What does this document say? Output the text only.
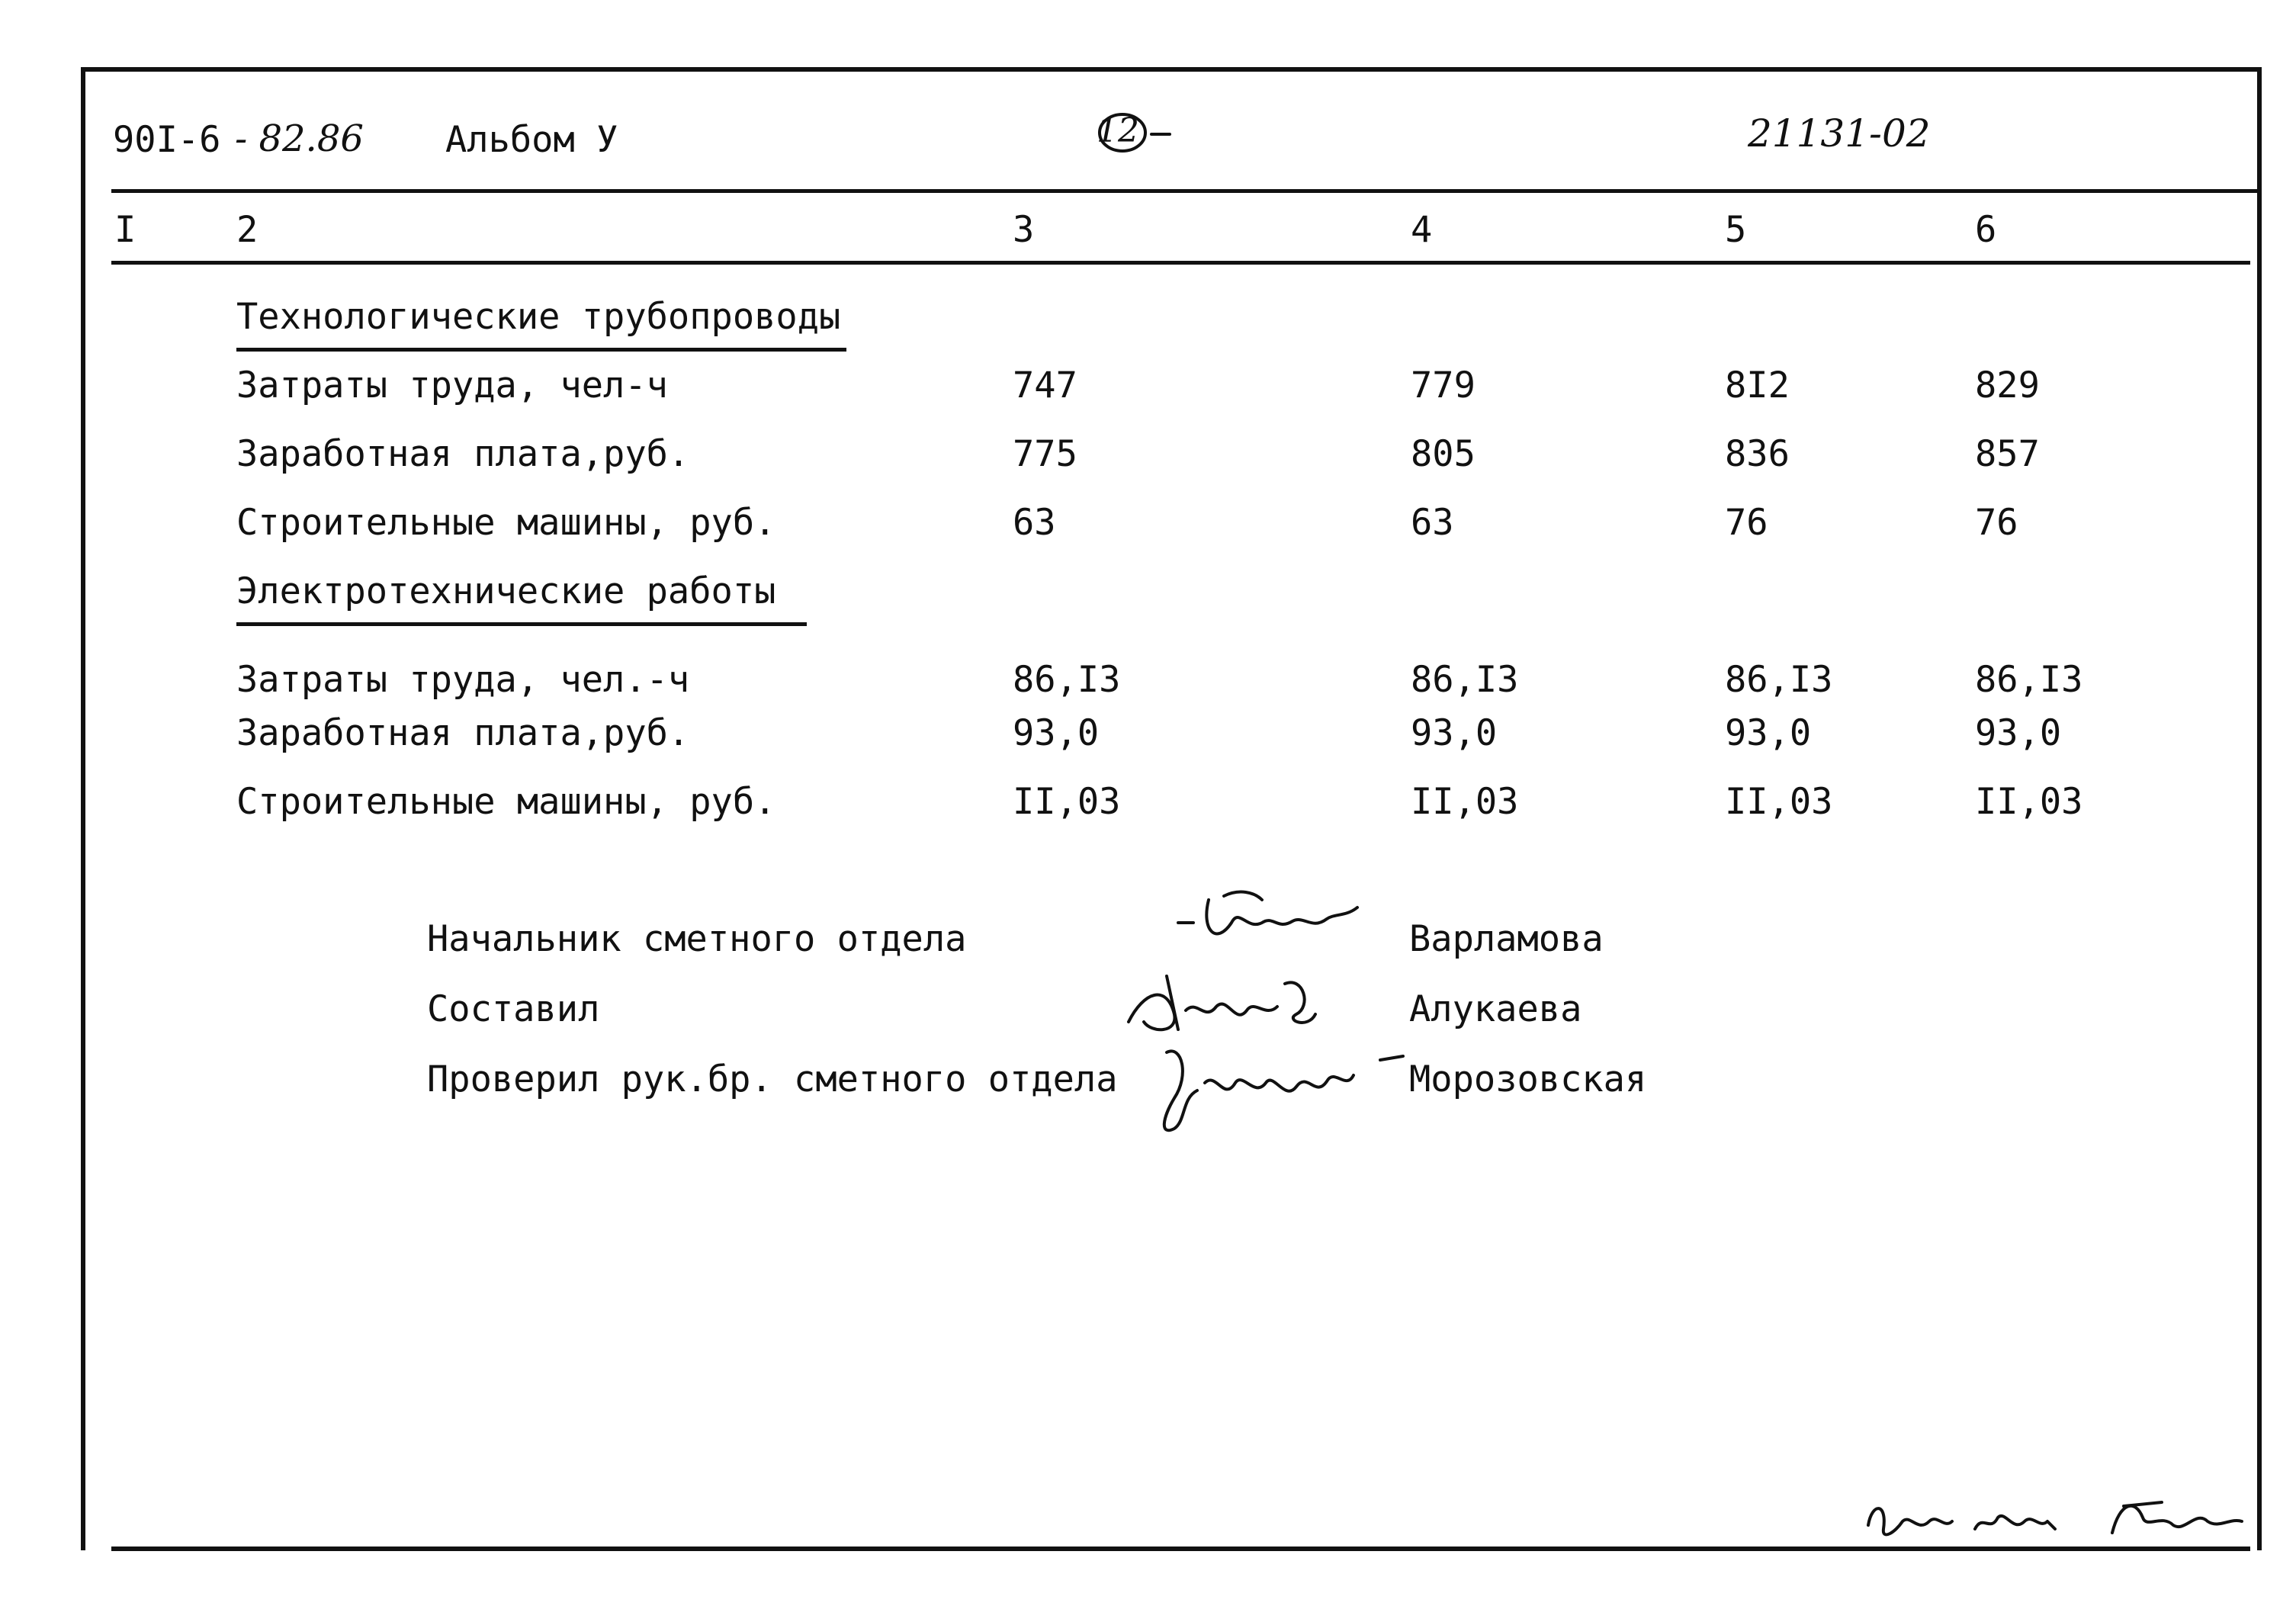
90I-6 - 82.86 Альбом У	12	21131-02
I	2	3	4	5	6
Технологические трубопроводы
Затраты труда, чел-ч	747	779	8I2	829
Заработная плата,руб.	775	805	836	857
Строительные машины, руб.	63	63	76	76
Электротехнические работы
Затраты труда, чел.-ч	86,I3	86,I3	86,I3	86,I3
Заработная плата,руб.	93,0	93,0	93,0	93,0
Строительные машины, руб.	II,03	II,03	II,03	II,03
Начальник сметного отдела	Варламова
Составил	Алукаева
Проверил рук.бр. сметного отдела	Морозовская
